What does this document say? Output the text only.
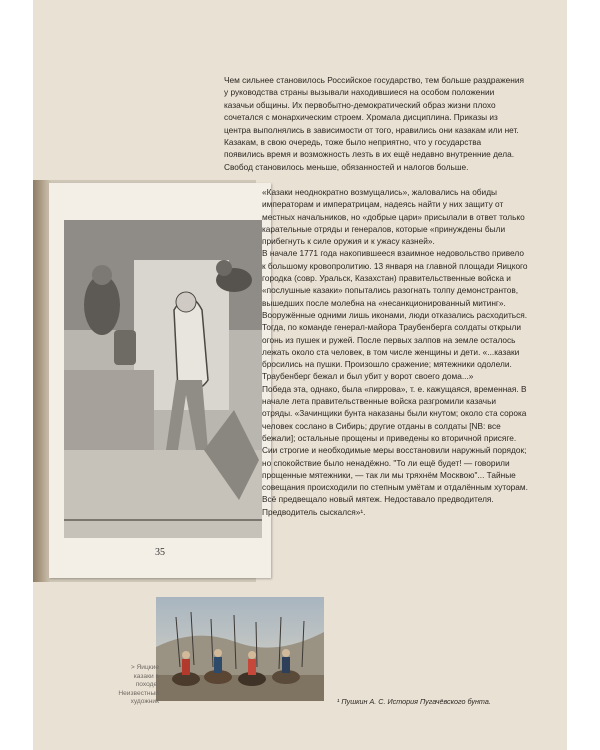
Чем сильнее становилось Российское государство, тем больше раздражения у руководства страны вызывали находившиеся на особом положении казачьи общины. Их первобытно-демократический образ жизни плохо сочетался с монархическим строем. Хромала дисциплина. Приказы из центра выполнялись в зависимости от того, нравились они казакам или нет. Казакам, в свою очередь, тоже было неприятно, что у государства появились время и возможность лезть в их ещё недавно внутренние дела. Свобод становилось меньше, обязанностей и налогов больше.

35

«Казаки неоднократно возмущались», жаловались на обиды императорам и императрицам, надеясь найти у них защиту от местных начальников, но «добрые цари» присылали в ответ только карательные отряды и генералов, которые «принуждены были прибегнуть к силе оружия и к ужасу казней».

В начале 1771 года накопившееся взаимное недовольство привело к большому кровопролитию. 13 января на главной площади Яицкого городка (совр. Уральск, Казахстан) правительственные войска и «послушные казаки» попытались разогнать толпу демонстрантов, вышедших после молебна на «несанкционированный митинг». Вооружённые одними лишь иконами, люди отказались расходиться. Тогда, по команде генерал-майора Траубенберга солдаты открыли огонь из пушек и ружей. После первых залпов на земле осталось лежать около ста человек, в том числе женщины и дети. «...казаки бросились на пушки. Произошло сражение; мятежники одолели. Траубенберг бежал и был убит у ворот своего дома...»

Победа эта, однако, была «пиррова», т. е. кажущаяся, временная. В начале лета правительственные войска разгромили казачьи отряды. «Зачинщики бунта наказаны были кнутом; около ста сорока человек сослано в Сибирь; другие отданы в солдаты [NB: все бежали]; остальные прощены и приведены ко вторичной присяге. Сии строгие и необходимые меры восстановили наружный порядок; но спокойствие было ненадёжно. "То ли ещё будет! — говорили прощенные мятежники, — так ли мы тряхнём Москвою"... Тайные совещания происходили по степным умётам и отдалённым хуторам. Всё предвещало новый мятеж. Недоставало предводителя. Предводитель сыскался»¹.

> Яицкие казаки в походе. Неизвестный художник	¹ Пушкин А. С. История Пугачёвского бунта.
